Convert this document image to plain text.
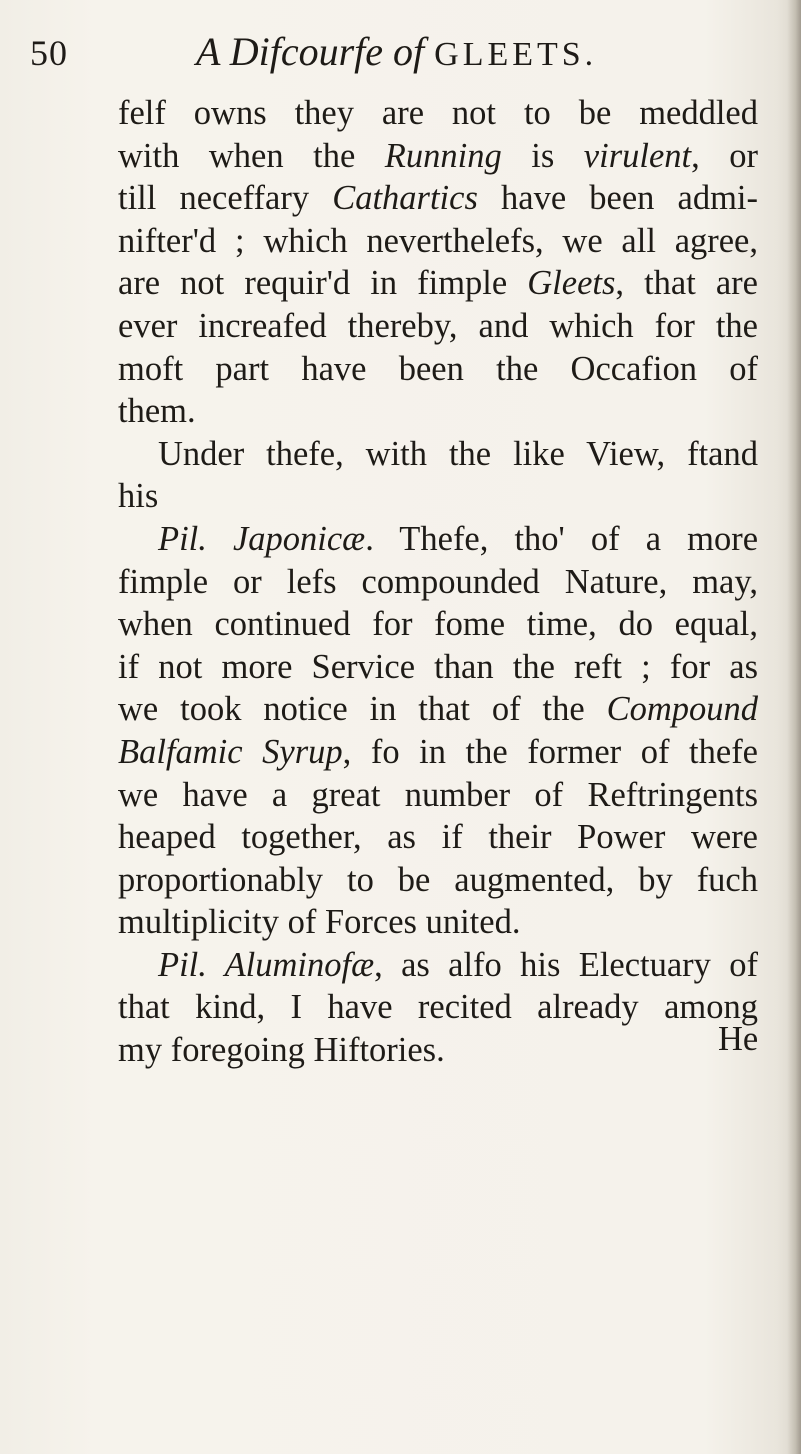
50	A Difcourfe of GLEETS.
felf owns they are not to be meddled
with when the Running is virulent, or
till neceffary Cathartics have been admi-
nifter'd ; which neverthelefs, we all agree,
are not requir'd in fimple Gleets, that are
ever increafed thereby, and which for the
moft part have been the Occafion of
them.
Under thefe, with the like View, ftand
his
Pil. Japonicæ. Thefe, tho' of a more
fimple or lefs compounded Nature, may,
when continued for fome time, do equal,
if not more Service than the reft ; for as
we took notice in that of the Compound
Balfamic Syrup, fo in the former of thefe
we have a great number of Reftringents
heaped together, as if their Power were
proportionably to be augmented, by fuch
multiplicity of Forces united.
Pil. Aluminofæ, as alfo his Electuary of
that kind, I have recited already among
my foregoing Hiftories.	He
